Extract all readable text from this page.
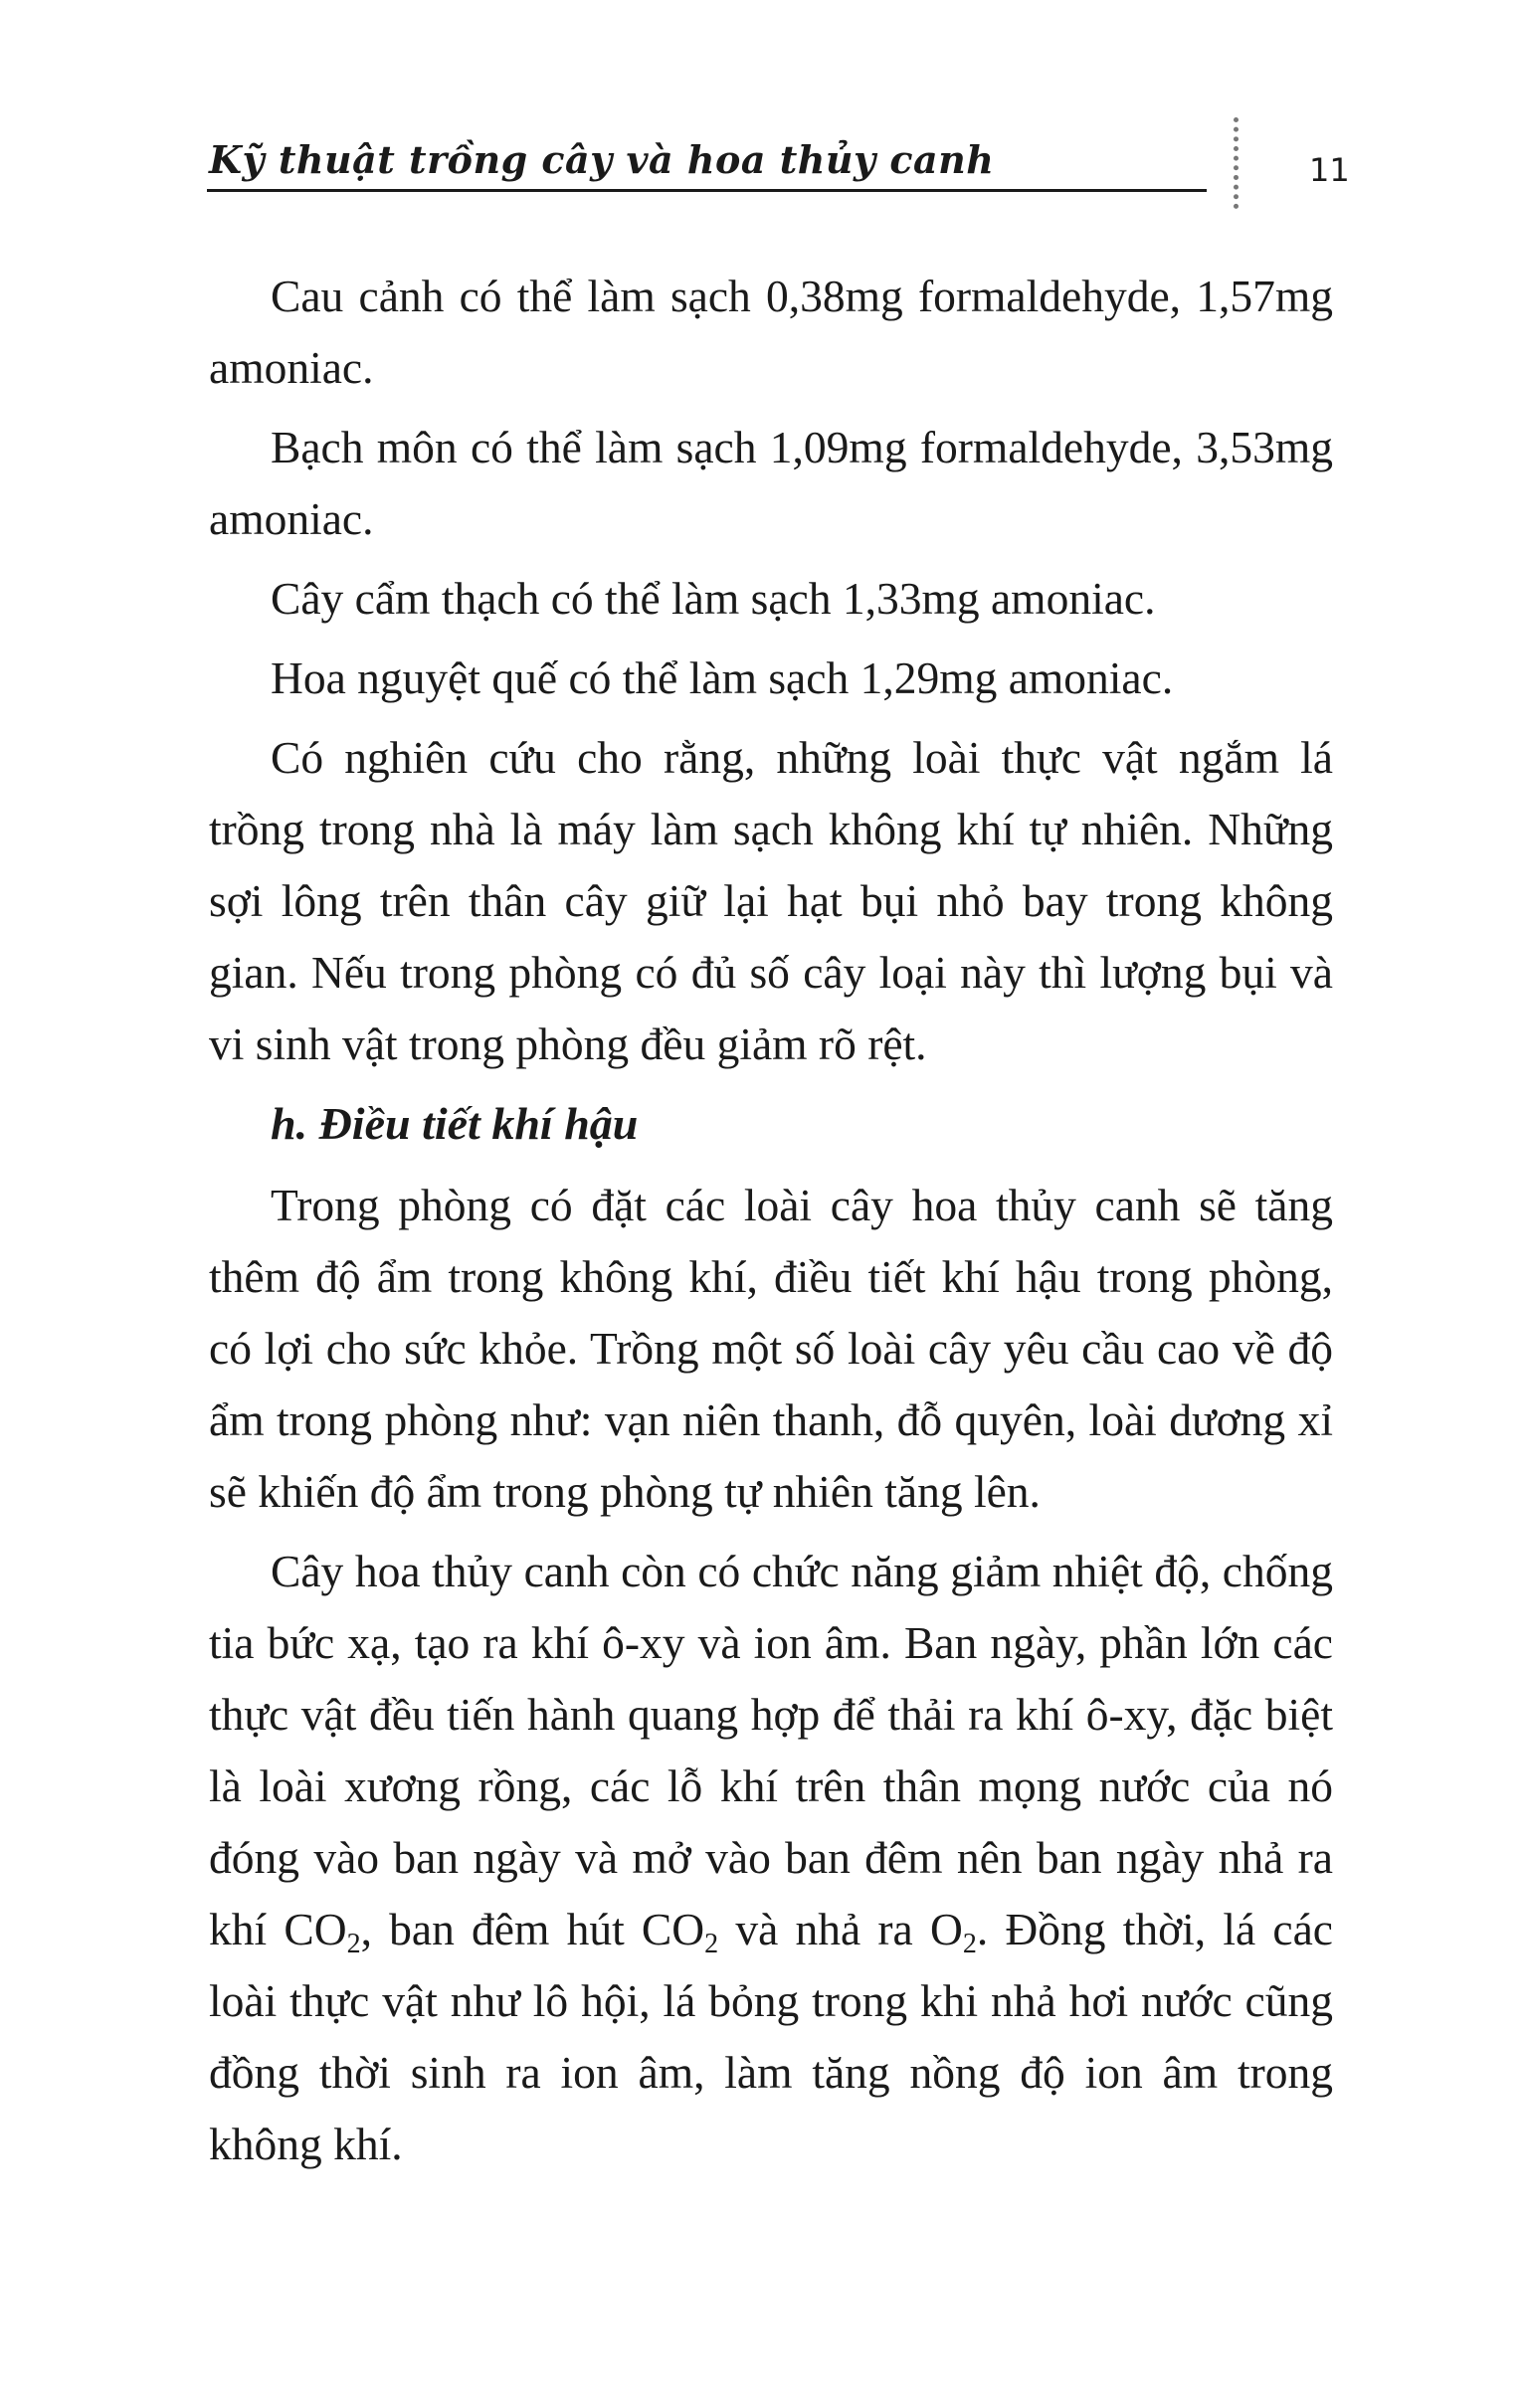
Kỹ thuật trồng cây và hoa thủy canh	11

Cau cảnh có thể làm sạch 0,38mg formaldehyde, 1,57mg amoniac.

Bạch môn có thể làm sạch 1,09mg formaldehyde, 3,53mg amoniac.

Cây cẩm thạch có thể làm sạch 1,33mg amoniac.

Hoa nguyệt quế có thể làm sạch 1,29mg amoniac.

Có nghiên cứu cho rằng, những loài thực vật ngắm lá trồng trong nhà là máy làm sạch không khí tự nhiên. Những sợi lông trên thân cây giữ lại hạt bụi nhỏ bay trong không gian. Nếu trong phòng có đủ số cây loại này thì lượng bụi và vi sinh vật trong phòng đều giảm rõ rệt.

h. Điều tiết khí hậu

Trong phòng có đặt các loài cây hoa thủy canh sẽ tăng thêm độ ẩm trong không khí, điều tiết khí hậu trong phòng, có lợi cho sức khỏe. Trồng một số loài cây yêu cầu cao về độ ẩm trong phòng như: vạn niên thanh, đỗ quyên, loài dương xỉ sẽ khiến độ ẩm trong phòng tự nhiên tăng lên.

Cây hoa thủy canh còn có chức năng giảm nhiệt độ, chống tia bức xạ, tạo ra khí ô-xy và ion âm. Ban ngày, phần lớn các thực vật đều tiến hành quang hợp để thải ra khí ô-xy, đặc biệt là loài xương rồng, các lỗ khí trên thân mọng nước của nó đóng vào ban ngày và mở vào ban đêm nên ban ngày nhả ra khí $CO_2$, ban đêm hút $CO_2$ và nhả ra $O_2$. Đồng thời, lá các loài thực vật như lô hội, lá bỏng trong khi nhả hơi nước cũng đồng thời sinh ra ion âm, làm tăng nồng độ ion âm trong không khí.
